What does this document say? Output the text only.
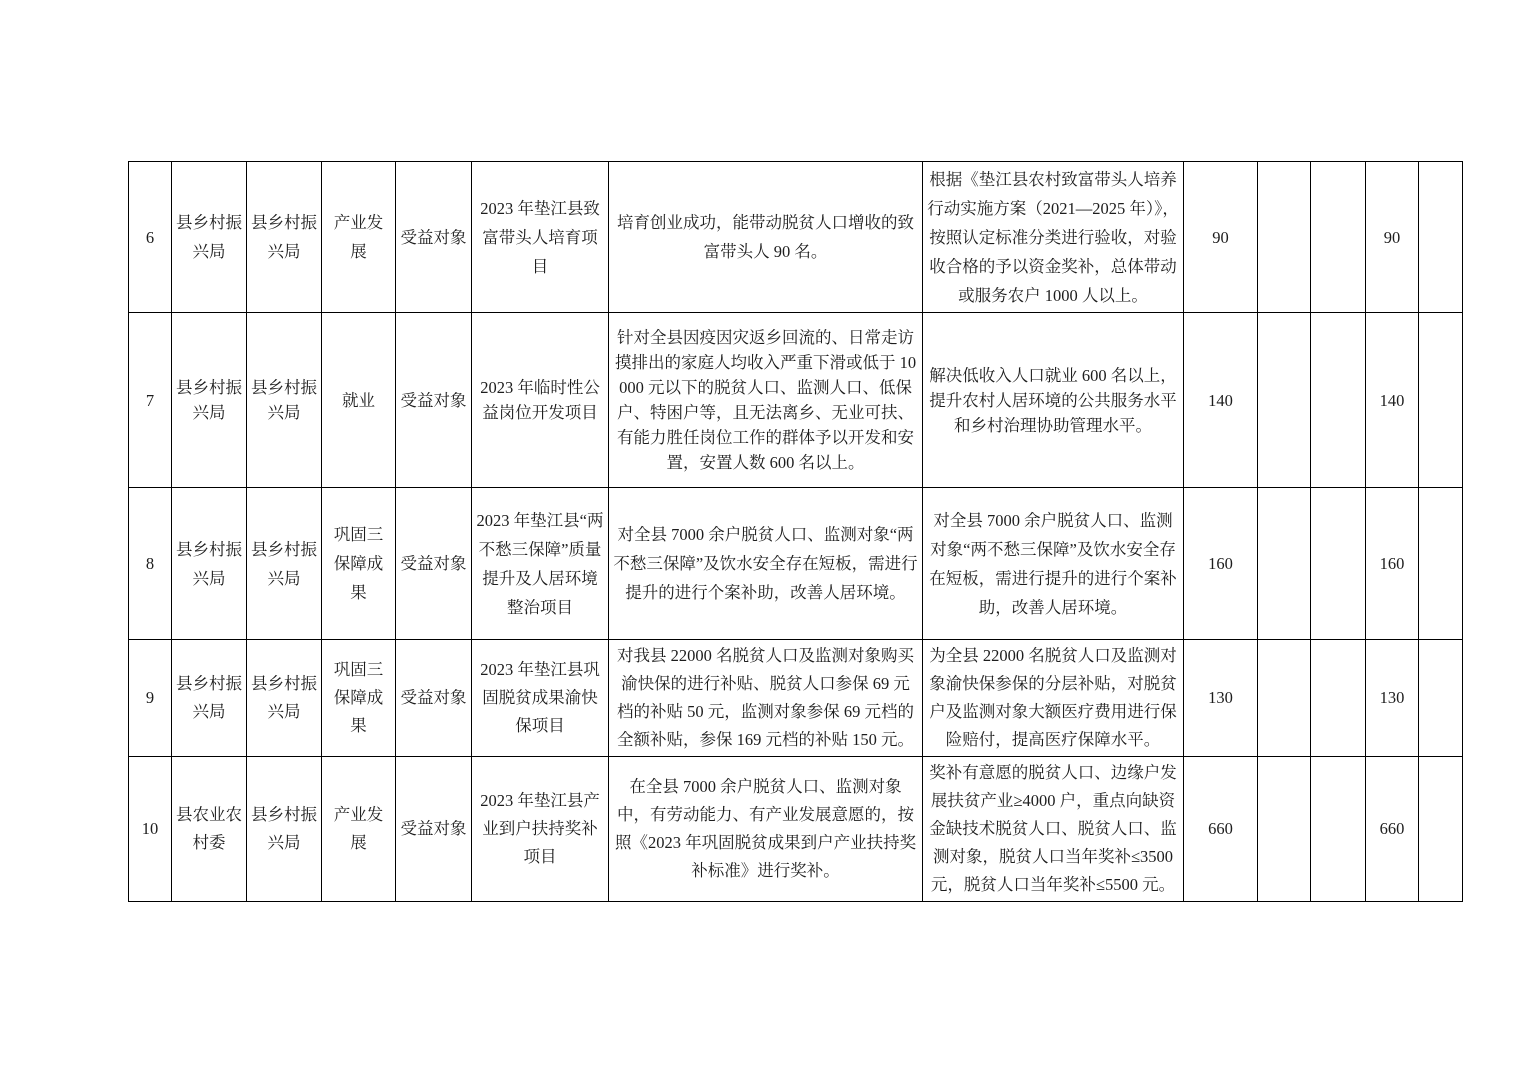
6	县乡村振兴局	县乡村振兴局	产业发展	受益对象	2023 年垫江县致富带头人培育项目	培育创业成功，能带动脱贫人口增收的致富带头人 90 名。	根据《垫江县农村致富带头人培养行动实施方案（2021—2025 年）》，按照认定标准分类进行验收，对验收合格的予以资金奖补，总体带动或服务农户 1000 人以上。	90			90	
7	县乡村振兴局	县乡村振兴局	就业	受益对象	2023 年临时性公益岗位开发项目	针对全县因疫因灾返乡回流的、日常走访摸排出的家庭人均收入严重下滑或低于 10000 元以下的脱贫人口、监测人口、低保户、特困户等，且无法离乡、无业可扶、有能力胜任岗位工作的群体予以开发和安置，安置人数 600 名以上。	解决低收入人口就业 600 名以上，提升农村人居环境的公共服务水平和乡村治理协助管理水平。	140			140	
8	县乡村振兴局	县乡村振兴局	巩固三保障成果	受益对象	2023 年垫江县“两不愁三保障”质量提升及人居环境整治项目	对全县 7000 余户脱贫人口、监测对象“两不愁三保障”及饮水安全存在短板，需进行提升的进行个案补助，改善人居环境。	对全县 7000 余户脱贫人口、监测对象“两不愁三保障”及饮水安全存在短板，需进行提升的进行个案补助，改善人居环境。	160			160	
9	县乡村振兴局	县乡村振兴局	巩固三保障成果	受益对象	2023 年垫江县巩固脱贫成果渝快保项目	对我县 22000 名脱贫人口及监测对象购买渝快保的进行补贴、脱贫人口参保 69 元档的补贴 50 元，监测对象参保 69 元档的全额补贴，参保 169 元档的补贴 150 元。	为全县 22000 名脱贫人口及监测对象渝快保参保的分层补贴，对脱贫户及监测对象大额医疗费用进行保险赔付，提高医疗保障水平。	130			130	
10	县农业农村委	县乡村振兴局	产业发展	受益对象	2023 年垫江县产业到户扶持奖补项目	在全县 7000 余户脱贫人口、监测对象中，有劳动能力、有产业发展意愿的，按照《2023 年巩固脱贫成果到户产业扶持奖补标准》进行奖补。	奖补有意愿的脱贫人口、边缘户发展扶贫产业≥4000 户，重点向缺资金缺技术脱贫人口、脱贫人口、监测对象，脱贫人口当年奖补≤3500 元，脱贫人口当年奖补≤5500 元。	660			660	
